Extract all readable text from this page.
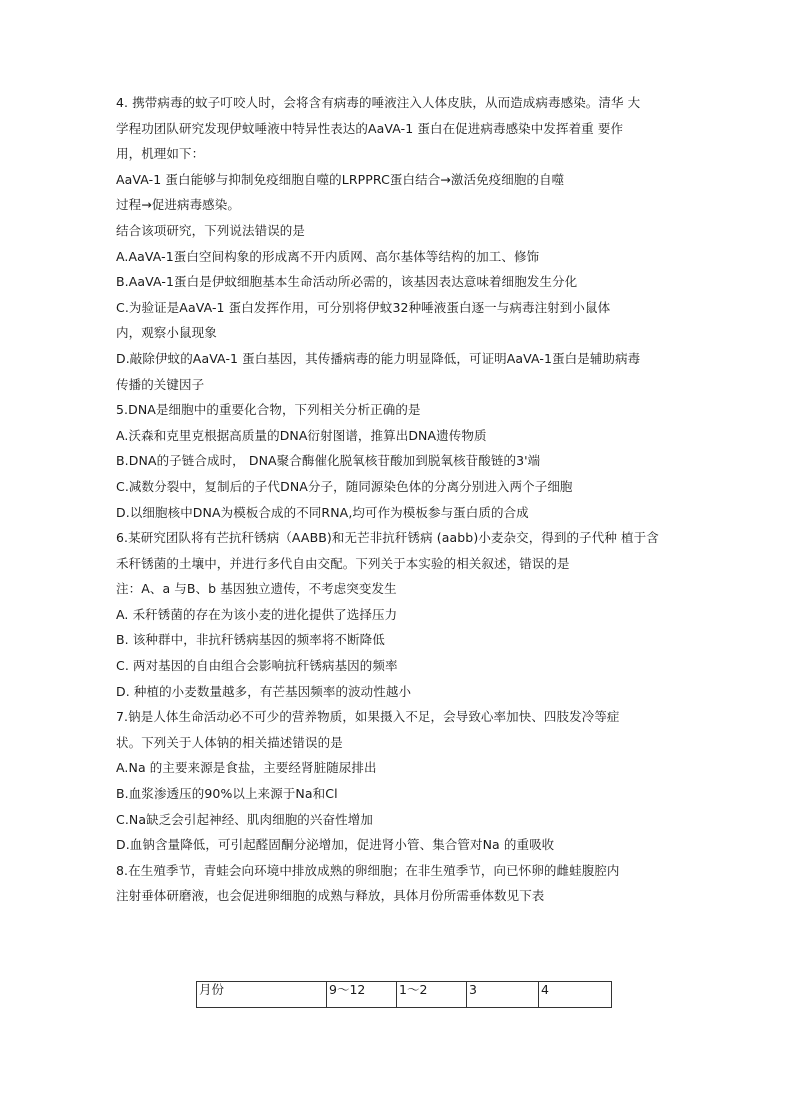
4. 携带病毒的蚊子叮咬人时，会将含有病毒的唾液注入人体皮肤，从而造成病毒感染。清华 大
学程功团队研究发现伊蚊唾液中特异性表达的AaVA-1 蛋白在促进病毒感染中发挥着重 要作
用，机理如下：
AaVA-1 蛋白能够与抑制免疫细胞自噬的LRPPRC蛋白结合→激活免疫细胞的自噬
过程→促进病毒感染。
结合该项研究，下列说法错误的是
A.AaVA-1蛋白空间构象的形成离不开内质网、高尔基体等结构的加工、修饰
B.AaVA-1蛋白是伊蚊细胞基本生命活动所必需的，该基因表达意味着细胞发生分化
C.为验证是AaVA-1 蛋白发挥作用，可分别将伊蚊32种唾液蛋白逐一与病毒注射到小鼠体
内，观察小鼠现象
D.敲除伊蚊的AaVA-1 蛋白基因，其传播病毒的能力明显降低，可证明AaVA-1蛋白是辅助病毒
传播的关键因子
5.DNA是细胞中的重要化合物，下列相关分析正确的是
A.沃森和克里克根据高质量的DNA衍射图谱，推算出DNA遗传物质
B.DNA的子链合成时， DNA聚合酶催化脱氧核苷酸加到脱氧核苷酸链的3'端
C.减数分裂中，复制后的子代DNA分子，随同源染色体的分离分别进入两个子细胞
D.以细胞核中DNA为模板合成的不同RNA,均可作为模板参与蛋白质的合成
6.某研究团队将有芒抗秆锈病（AABB)和无芒非抗秆锈病 (aabb)小麦杂交，得到的子代种 植于含
禾秆锈菌的土壤中，并进行多代自由交配。下列关于本实验的相关叙述，错误的是
注：A、a 与B、b 基因独立遗传，不考虑突变发生
A. 禾秆锈菌的存在为该小麦的进化提供了选择压力
B. 该种群中，非抗秆锈病基因的频率将不断降低
C. 两对基因的自由组合会影响抗秆锈病基因的频率
D. 种植的小麦数量越多，有芒基因频率的波动性越小
7.钠是人体生命活动必不可少的营养物质，如果摄入不足，会导致心率加快、四肢发冷等症
状。下列关于人体钠的相关描述错误的是
A.Na 的主要来源是食盐，主要经肾脏随尿排出
B.血浆渗透压的90%以上来源于Na和Cl
C.Na缺乏会引起神经、肌肉细胞的兴奋性增加
D.血钠含量降低，可引起醛固酮分泌增加，促进肾小管、集合管对Na 的重吸收
8.在生殖季节，青蛙会向环境中排放成熟的卵细胞；在非生殖季节，向已怀卵的雌蛙腹腔内
注射垂体研磨液，也会促进卵细胞的成熟与释放，具体月份所需垂体数见下表
月份	9～12	1～2	3	4
